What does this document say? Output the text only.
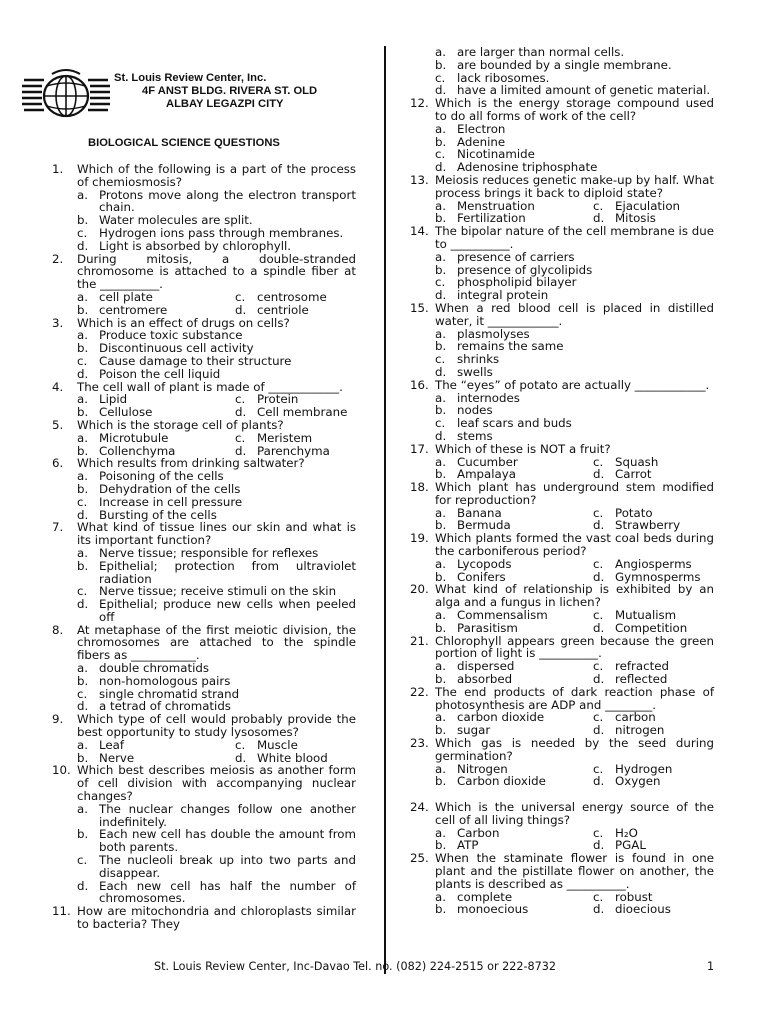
St. Louis Review Center, Inc.
4F ANST BLDG. RIVERA ST. OLD
ALBAY LEGAZPI CITY
BIOLOGICAL SCIENCE QUESTIONS
1.	Which of the following is a part of the process of chemiosmosis?
a. Protons move along the electron transport chain.
b. Water molecules are split.
c. Hydrogen ions pass through membranes.
d. Light is absorbed by chlorophyll.
2.	During mitosis, a double-stranded chromosome is attached to a spindle fiber at the __________.
a. cell plate	c. centrosome
b. centromere	d. centriole
3.	Which is an effect of drugs on cells?
a. Produce toxic substance
b. Discontinuous cell activity
c. Cause damage to their structure
d. Poison the cell liquid
4.	The cell wall of plant is made of ____________.
a. Lipid	c. Protein
b. Cellulose	d. Cell membrane
5.	Which is the storage cell of plants?
a. Microtubule	c. Meristem
b. Collenchyma	d. Parenchyma
6.	Which results from drinking saltwater?
a. Poisoning of the cells
b. Dehydration of the cells
c. Increase in cell pressure
d. Bursting of the cells
7.	What kind of tissue lines our skin and what is its important function?
a. Nerve tissue; responsible for reflexes
b. Epithelial; protection from ultraviolet radiation
c. Nerve tissue; receive stimuli on the skin
d. Epithelial; produce new cells when peeled off
8.	At metaphase of the first meiotic division, the chromosomes are attached to the spindle fibers as ___________.
a. double chromatids
b. non-homologous pairs
c. single chromatid strand
d. a tetrad of chromatids
9.	Which type of cell would probably provide the best opportunity to study lysosomes?
a. Leaf	c. Muscle
b. Nerve	d. White blood
10. Which best describes meiosis as another form of cell division with accompanying nuclear changes?
a. The nuclear changes follow one another indefinitely.
b. Each new cell has double the amount from both parents.
c. The nucleoli break up into two parts and disappear.
d. Each new cell has half the number of chromosomes.
11. How are mitochondria and chloroplasts similar to bacteria? They
a. are larger than normal cells.
b. are bounded by a single membrane.
c. lack ribosomes.
d. have a limited amount of genetic material.
12. Which is the energy storage compound used to do all forms of work of the cell?
a. Electron
b. Adenine
c. Nicotinamide
d. Adenosine triphosphate
13. Meiosis reduces genetic make-up by half. What process brings it back to diploid state?
a. Menstruation	c. Ejaculation
b. Fertilization	d. Mitosis
14. The bipolar nature of the cell membrane is due to __________.
a. presence of carriers
b. presence of glycolipids
c. phospholipid bilayer
d. integral protein
15. When a red blood cell is placed in distilled water, it ____________.
a. plasmolyses
b. remains the same
c. shrinks
d. swells
16. The “eyes” of potato are actually ____________.
a. internodes
b. nodes
c. leaf scars and buds
d. stems
17. Which of these is NOT a fruit?
a. Cucumber	c. Squash
b. Ampalaya	d. Carrot
18. Which plant has underground stem modified for reproduction?
a. Banana	c. Potato
b. Bermuda	d. Strawberry
19. Which plants formed the vast coal beds during the carboniferous period?
a. Lycopods	c. Angiosperms
b. Conifers	d. Gymnosperms
20. What kind of relationship is exhibited by an alga and a fungus in lichen?
a. Commensalism	c. Mutualism
b. Parasitism	d. Competition
21. Chlorophyll appears green because the green portion of light is __________.
a. dispersed	c. refracted
b. absorbed	d. reflected
22. The end products of dark reaction phase of photosynthesis are ADP and ________.
a. carbon dioxide	c. carbon
b. sugar	d. nitrogen
23. Which gas is needed by the seed during germination?
a. Nitrogen	c. Hydrogen
b. Carbon dioxide	d. Oxygen
24. Which is the universal energy source of the cell of all living things?
a. Carbon	c. H₂O
b. ATP	d. PGAL
25. When the staminate flower is found in one plant and the pistillate flower on another, the plants is described as __________.
a. complete	c. robust
b. monoecious	d. dioecious
St. Louis Review Center, Inc-Davao Tel. no. (082) 224-2515 or 222-8732	1
